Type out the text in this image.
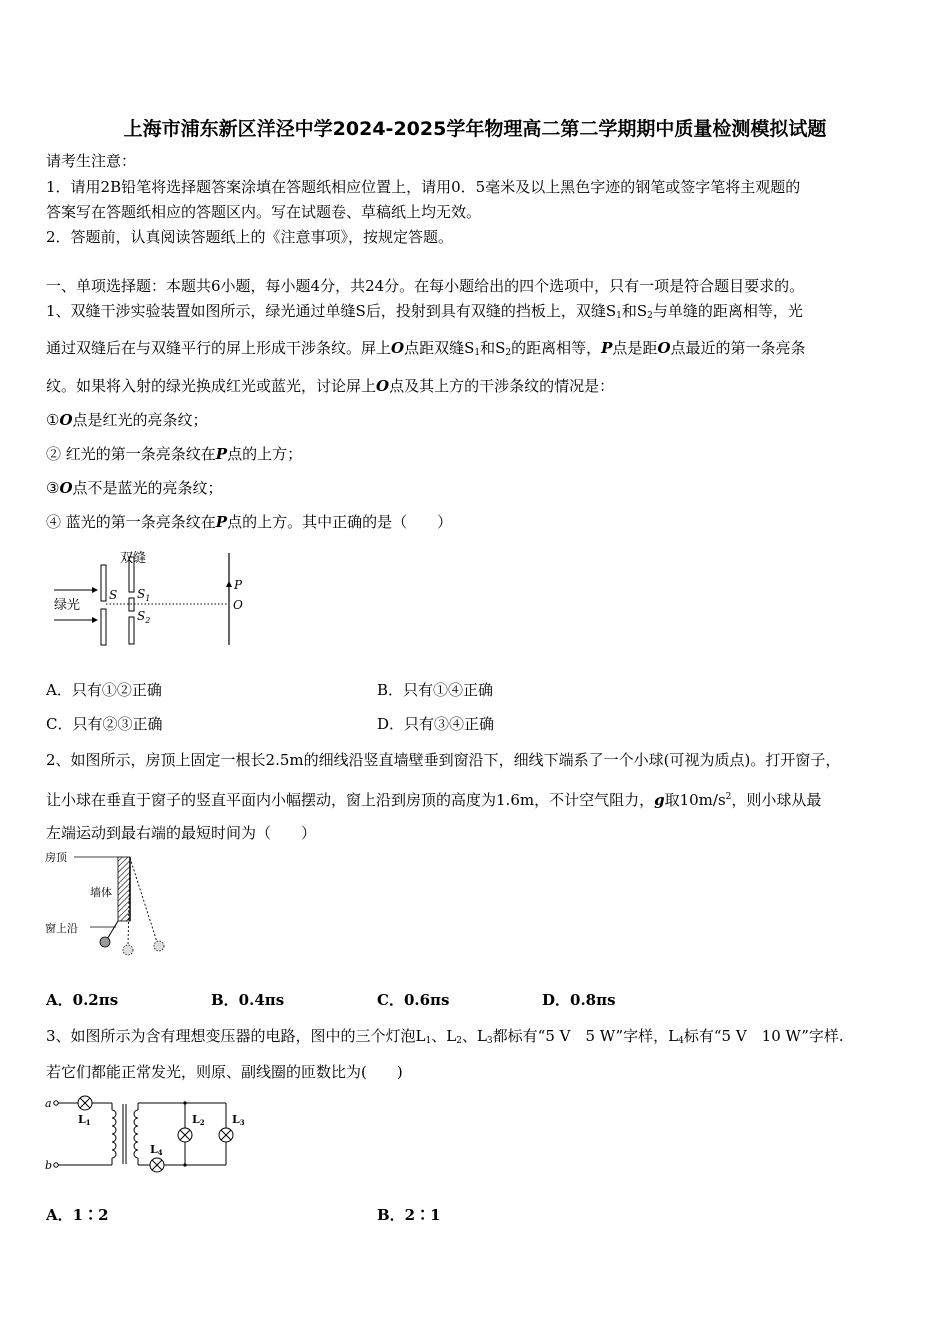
上海市浦东新区洋泾中学2024-2025学年物理高二第二学期期中质量检测模拟试题
请考生注意：
1．请用2B铅笔将选择题答案涂填在答题纸相应位置上，请用0．5毫米及以上黑色字迹的钢笔或签字笔将主观题的
答案写在答题纸相应的答题区内。写在试题卷、草稿纸上均无效。
2．答题前，认真阅读答题纸上的《注意事项》，按规定答题。
一、单项选择题：本题共6小题，每小题4分，共24分。在每小题给出的四个选项中，只有一项是符合题目要求的。
1、双缝干涉实验装置如图所示，绿光通过单缝S后，投射到具有双缝的挡板上，双缝$S_1$和$S_2$与单缝的距离相等，光
通过双缝后在与双缝平行的屏上形成干涉条纹。屏上O点距双缝$S_1$和$S_2$的距离相等，P点是距O点最近的第一条亮条
纹。如果将入射的绿光换成红光或蓝光，讨论屏上O点及其上方的干涉条纹的情况是：
①O点是红光的亮条纹；
② 红光的第一条亮条纹在P点的上方；
③O点不是蓝光的亮条纹；
④ 蓝光的第一条亮条纹在P点的上方。其中正确的是（　　）
双缝
绿光
S $S_1$
$S_2$
P
O
A．只有①②正确	B．只有①④正确
C．只有②③正确	D．只有③④正确
2、如图所示，房顶上固定一根长2.5m的细线沿竖直墙壁垂到窗沿下，细线下端系了一个小球(可视为质点)。打开窗子，
让小球在垂直于窗子的竖直平面内小幅摆动，窗上沿到房顶的高度为1.6m，不计空气阻力，g取$10m/s^2$，则小球从最
左端运动到最右端的最短时间为（　　）
房顶
墙体
窗上沿
A．0.2πs	B．0.4πs	C．0.6πs	D．0.8πs
3、如图所示为含有理想变压器的电路，图中的三个灯泡$L_1$、$L_2$、$L_3$都标有“5 V　5 W”字样，$L_4$标有“5 V　10 W”字样.
若它们都能正常发光，则原、副线圈的匝数比为(　　)
a
b
L1	L2 L3
L4
A．1∶2	B．2∶1
